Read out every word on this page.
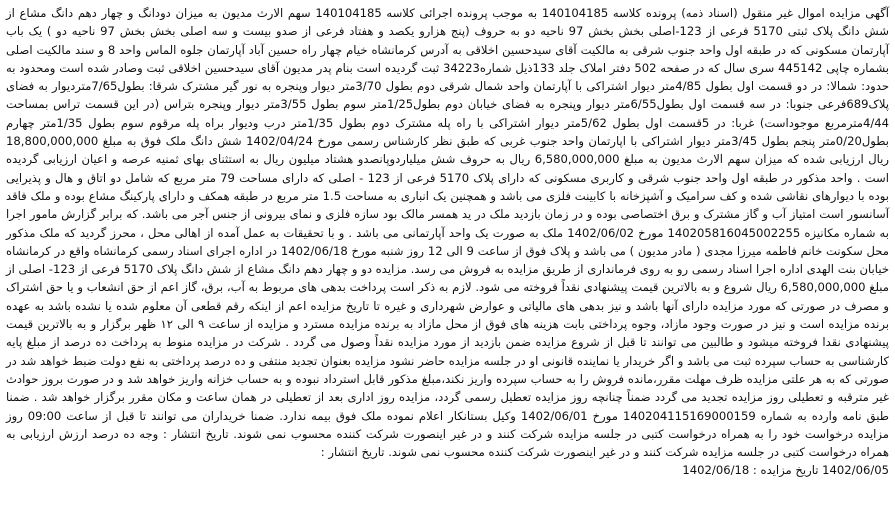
آگهی مزایده اموال غیر منقول (اسناد ذمه) پرونده کلاسه 140104185 به موجب پرونده اجرائی کلاسه 140104185 سهم الارث مدیون به میزان دودانگ و چهار دهم دانگ مشاع از شش دانگ پلاک ثبتی 5170 فرعی از 123-اصلی بخش بخش 97 ناحیه دو به حروف (پنج هزارو یکصد و هفتاد فرعی از صدو بیست و سه اصلی بخش بخش 97 ناحیه دو ) یک باب آپارتمان مسکونی که در طبقه اول واحد جنوب شرقی به مالکیت آقای سیدحسین اخلاقی به آدرس کرمانشاه خیام چهار راه حسین آباد آپارتمان جلوه الماس واحد 8 و سند مالکیت اصلی بشماره چاپی 445142 سری سال که در صفحه 502 دفتر املاک جلد 133ذیل شماره34223 ثبت گردیده است بنام پدر مدیون آقای سیدحسین اخلاقی ثبت وصادر شده است ومحدود به حدود: شمالا: در دو قسمت اول بطول 4/85متر دیوار اشتراکی با آپارتمان واحد شمال شرقی دوم بطول 3/70متر دیوار وپنجره به نور گیر مشترک شرقا: بطول7/65متردیوار به فضای پلاک689فرعی جنوبا: در سه قسمت اول بطول6/55متر دیوار وپنجره به فضای خیابان دوم بطول1/25متر سوم بطول 3/55متر دیوار وپنجره بتراس (در این قسمت تراس بمساحت 4/44مترمربع موجوداست) غربا: در 5قسمت اول بطول 5/62متر دیوار اشتراکی با راه پله مشترک دوم بطول 1/35متر درب ودیوار براه پله مرقوم سوم بطول 1/35متر چهارم بطول0/20متر پنجم بطول 3/45متر دیوار اشتراکی با اپارتمان واحد جنوب غربی که طبق نظر کارشناس رسمی مورخ 1402/04/24 شش دانگ ملک فوق به مبلغ 18,800,000,000 ریال ارزیابی شده که میزان سهم الارث مدیون به مبلغ 6,580,000,000 ریال به حروف شش میلیاردوپانصدو هشتاد میلیون ریال به استثنای بهای ثمنیه عرصه و اعیان ارزیابی گردیده است . واحد مذکور در طبقه اول واحد جنوب شرقی و کاربری مسکونی که دارای پلاک 5170 فرعی از 123 - اصلی که دارای مساحت 79 متر مربع که شامل دو اتاق و هال و پذیرایی بوده با دیوارهای نقاشی شده و کف سرامیک و آشپزخانه با کابینت فلزی می باشد و همچنین یک انباری به مساحت 1.5 متر مربع در طبقه همکف و دارای پارکینگ مشاع بوده و ملک فاقد آسانسور است امتیاز آب و گاز مشترک و برق اختصاصی بوده و در زمان بازدید ملک در ید همسر مالک بود سازه فلزی و نمای بیرونی از جنس آجر می باشد. که برابر گزارش مامور اجرا به شماره مکانیزه 140205816045002255 مورخ 1402/06/02 ملک به صورت یک واحد آپارتمانی می باشد . و با تحقیقات به عمل آمده از اهالی محل ، محرز گردید که ملک مذکور محل سکونت خانم فاطمه میرزا مجدی ( مادر مدیون ) می باشد و پلاک فوق از ساعت 9 الی 12 روز شنبه مورخ 1402/06/18 در اداره اجرای اسناد رسمی کرمانشاه واقع در کرمانشاه خیابان بنت الهدی اداره اجرا اسناد رسمی رو به روی فرمانداری از طریق مزایده به فروش می رسد. مزایده دو و چهار دهم دانگ مشاع از شش دانگ پلاک 5170 فرعی از 123- اصلی از مبلغ 6,580,000,000 ریال شروع و به بالاترین قیمت پیشنهادی نقداً فروخته می شود. لازم به ذکر است پرداخت بدهی های مربوط به آب، برق، گاز اعم از حق انشعاب و یا حق اشتراک و مصرف در صورتی که مورد مزایده دارای آنها باشد و نیز بدهی های مالیاتی و عوارض شهرداری و غیره تا تاریخ مزایده اعم از اینکه رقم قطعی آن معلوم شده یا نشده باشد به عهده برنده مزایده است و نیز در صورت وجود مازاد، وجوه پرداختی بابت هزینه های فوق از محل مازاد به برنده مزایده مسترد و مزایده از ساعت ۹ الی ۱۲ ظهر برگزار و به بالاترین قیمت پیشنهادی نقدا فروخته میشود و طالبین می توانند تا قبل از شروع مزایده ضمن بازدید از مورد مزایده نقداً وصول می گردد . شرکت در مزایده منوط به پرداخت ده درصد از مبلغ پایه کارشناسی به حساب سپرده ثبت می باشد و اگر خریدار یا نماینده قانونی او در جلسه مزایده حاضر نشود مزایده بعنوان تجدید منتفی و ده درصد پرداختی به نفع دولت ضبط خواهد شد در صورتی که به هر علتی مزایده ظرف مهلت مقرر،مانده فروش را به حساب سپرده واریز نکند،مبلغ مذکور قابل استرداد نبوده و به حساب خزانه واریز خواهد شد و در صورت بروز حوادث غیر مترقبه و تعطیلی روز مزایده تجدید می گردد ضمناً چنانچه روز مزایده تعطیل رسمی گردد، مزایده روز اداری بعد از تعطیلی در همان ساعت و مکان مقرر برگزار خواهد شد . ضمنا طبق نامه وارده به شماره 140204115169000159 مورخ 1402/06/01 وکیل بستانکار اعلام نموده ملک فوق بیمه ندارد. ضمنا خریداران می توانند تا قبل از ساعت 09:00 روز مزایده درخواست خود را به همراه درخواست کتبی در جلسه مزایده شرکت کنند و در غیر اینصورت شرکت کننده محسوب نمی شوند. تاریخ انتشار : وجه ده درصد ارزش ارزیابی به همراه درخواست کتبی در جلسه مزایده شرکت کنند و در غیر اینصورت شرکت کننده محسوب نمی شوند. تاریخ انتشار :

1402/06/05 تاریخ مزایده : 1402/06/18
